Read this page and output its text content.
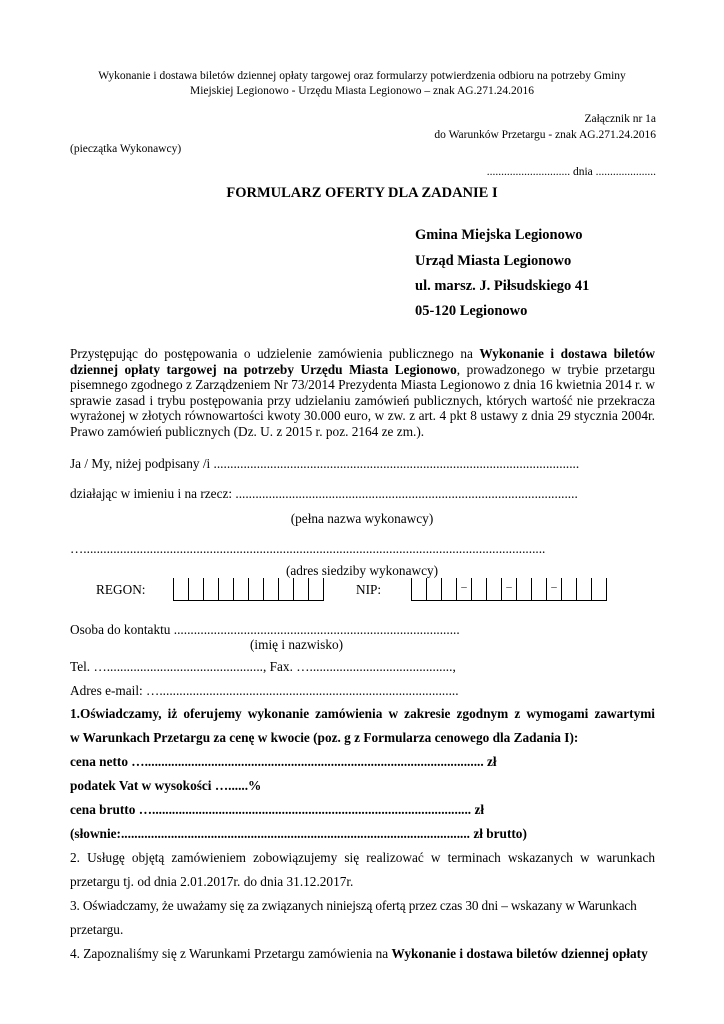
Wykonanie i dostawa biletów dziennej opłaty targowej oraz formularzy potwierdzenia odbioru na potrzeby Gminy
Miejskiej Legionowo - Urzędu Miasta Legionowo – znak AG.271.24.2016
Załącznik nr 1a
do Warunków Przetargu - znak AG.271.24.2016
(pieczątka Wykonawcy)
............................. dnia .....................
FORMULARZ OFERTY DLA ZADANIE I
Gmina Miejska Legionowo
Urząd Miasta Legionowo
ul. marsz. J. Piłsudskiego 41
05-120 Legionowo
Przystępując do postępowania o udzielenie zamówienia publicznego na Wykonanie i dostawa biletów dziennej opłaty targowej na potrzeby Urzędu Miasta Legionowo, prowadzonego w trybie przetargu pisemnego zgodnego z Zarządzeniem Nr 73/2014 Prezydenta Miasta Legionowo z dnia 16 kwietnia 2014 r. w sprawie zasad i trybu postępowania przy udzielaniu zamówień publicznych, których wartość nie przekracza wyrażonej w złotych równowartości kwoty 30.000 euro, w zw. z art. 4 pkt 8 ustawy z dnia 29 stycznia 2004r. Prawo zamówień publicznych (Dz. U. z 2015 r. poz. 2164 ze zm.).
Ja / My, niżej podpisany /i ..............................................................................................................
działając w imieniu i na rzecz: .......................................................................................................
(pełna nazwa wykonawcy)
…...........................................................................................................................................
(adres siedziby wykonawcy)
REGON:	NIP:	–	–	–
Osoba do kontaktu ......................................................................................
(imię i nazwisko)
Tel. …..............................................., Fax. …...........................................,
Adres e-mail: …..........................................................................................
1.Oświadczamy, iż oferujemy wykonanie zamówienia w zakresie zgodnym z wymogami zawartymi
w Warunkach Przetargu za cenę w kwocie (poz. g z Formularza cenowego dla Zadania I):
cena netto …...................................................................................................... zł
podatek Vat w wysokości …......%
cena brutto …................................................................................................ zł
(słownie:......................................................................................................... zł brutto)
2. Usługę objętą zamówieniem zobowiązujemy się realizować w terminach wskazanych w warunkach
przetargu tj. od dnia 2.01.2017r. do dnia 31.12.2017r.
3. Oświadczamy, że uważamy się za związanych niniejszą ofertą przez czas 30 dni – wskazany w Warunkach
przetargu.
4. Zapoznaliśmy się z Warunkami Przetargu zamówienia na Wykonanie i dostawa biletów dziennej opłaty
